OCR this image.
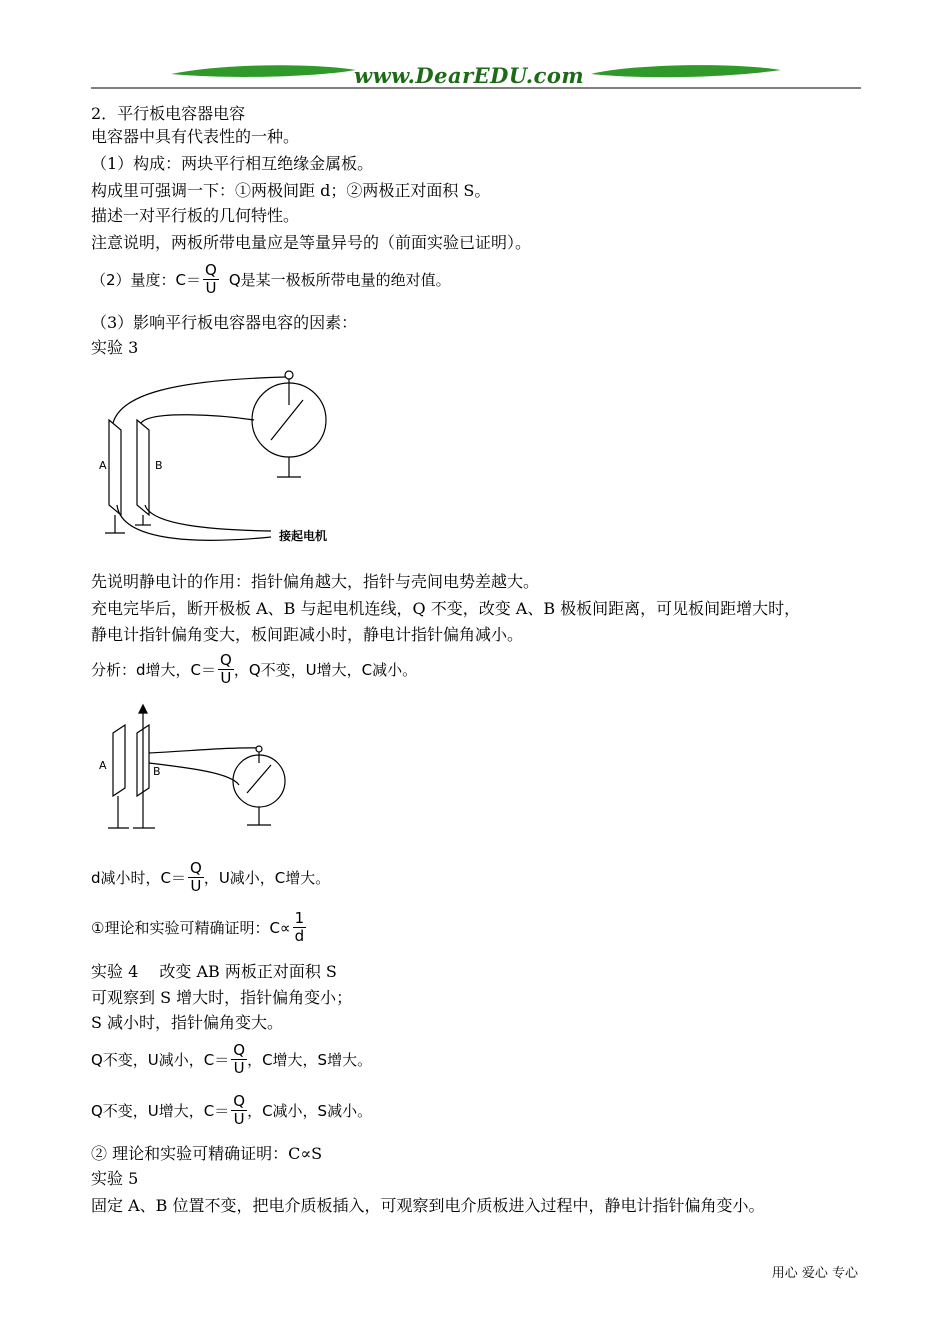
www.DearEDU.com
2．平行板电容器电容
电容器中具有代表性的一种。
（1）构成：两块平行相互绝缘金属板。
构成里可强调一下：①两极间距 d；②两极正对面积 S。
描述一对平行板的几何特性。
注意说明，两板所带电量应是等量异号的（前面实验已证明）。
（2）量度：$C= \frac{Q}{U}$ Q是某一极板所带电量的绝对值。
（3）影响平行板电容器电容的因素：
实验 3
A	B
接起电机
先说明静电计的作用：指针偏角越大，指针与壳间电势差越大。
充电完毕后，断开极板 A、B 与起电机连线，Q 不变，改变 A、B 极板间距离，可见板间距增大时，
静电计指针偏角变大，板间距减小时，静电计指针偏角减小。
分析：d增大，$C= \frac{Q}{U}$ ，Q不变，U增大，C减小。
A	B
d减小时，$C= \frac{Q}{U}$ ，U减小，C增大。
①理论和实验可精确证明：$C\propto \frac{1}{d}$
实验 4　 改变 AB 两板正对面积 S
可观察到 S 增大时，指针偏角变小；
S 减小时，指针偏角变大。
Q不变，U减小，$C= \frac{Q}{U}$ ，C增大，S增大。
Q不变，U增大，$C= \frac{Q}{U}$ ，C减小，S减小。
② 理论和实验可精确证明：C∝S
实验 5
固定 A、B 位置不变，把电介质板插入，可观察到电介质板进入过程中，静电计指针偏角变小。
用心 爱心 专心
